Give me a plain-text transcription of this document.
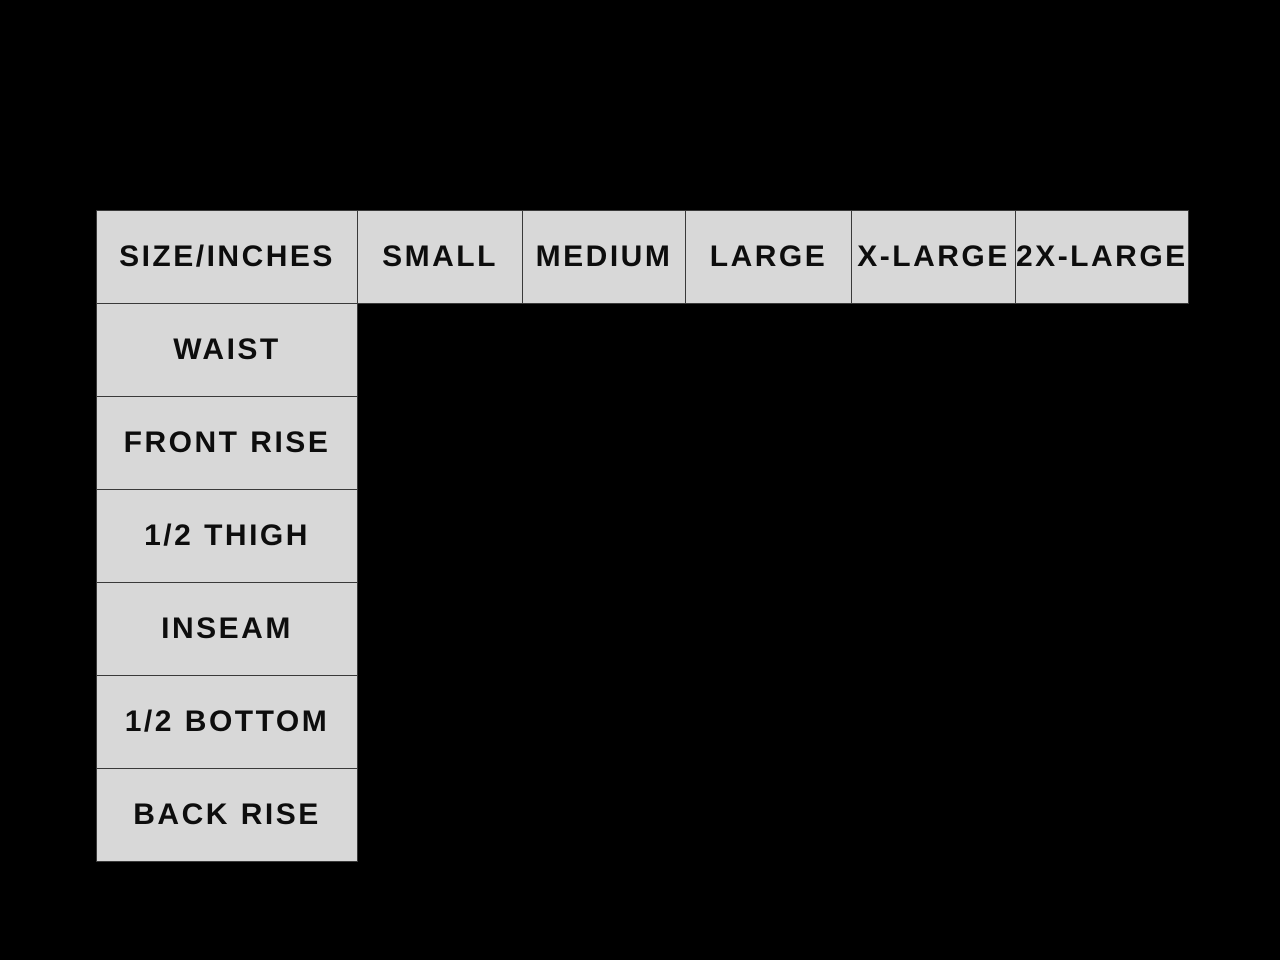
SIZE/INCHES	SMALL	MEDIUM	LARGE	X-LARGE	2X-LARGE
WAIST					
FRONT RISE					
1/2 THIGH					
INSEAM					
1/2 BOTTOM					
BACK RISE					
